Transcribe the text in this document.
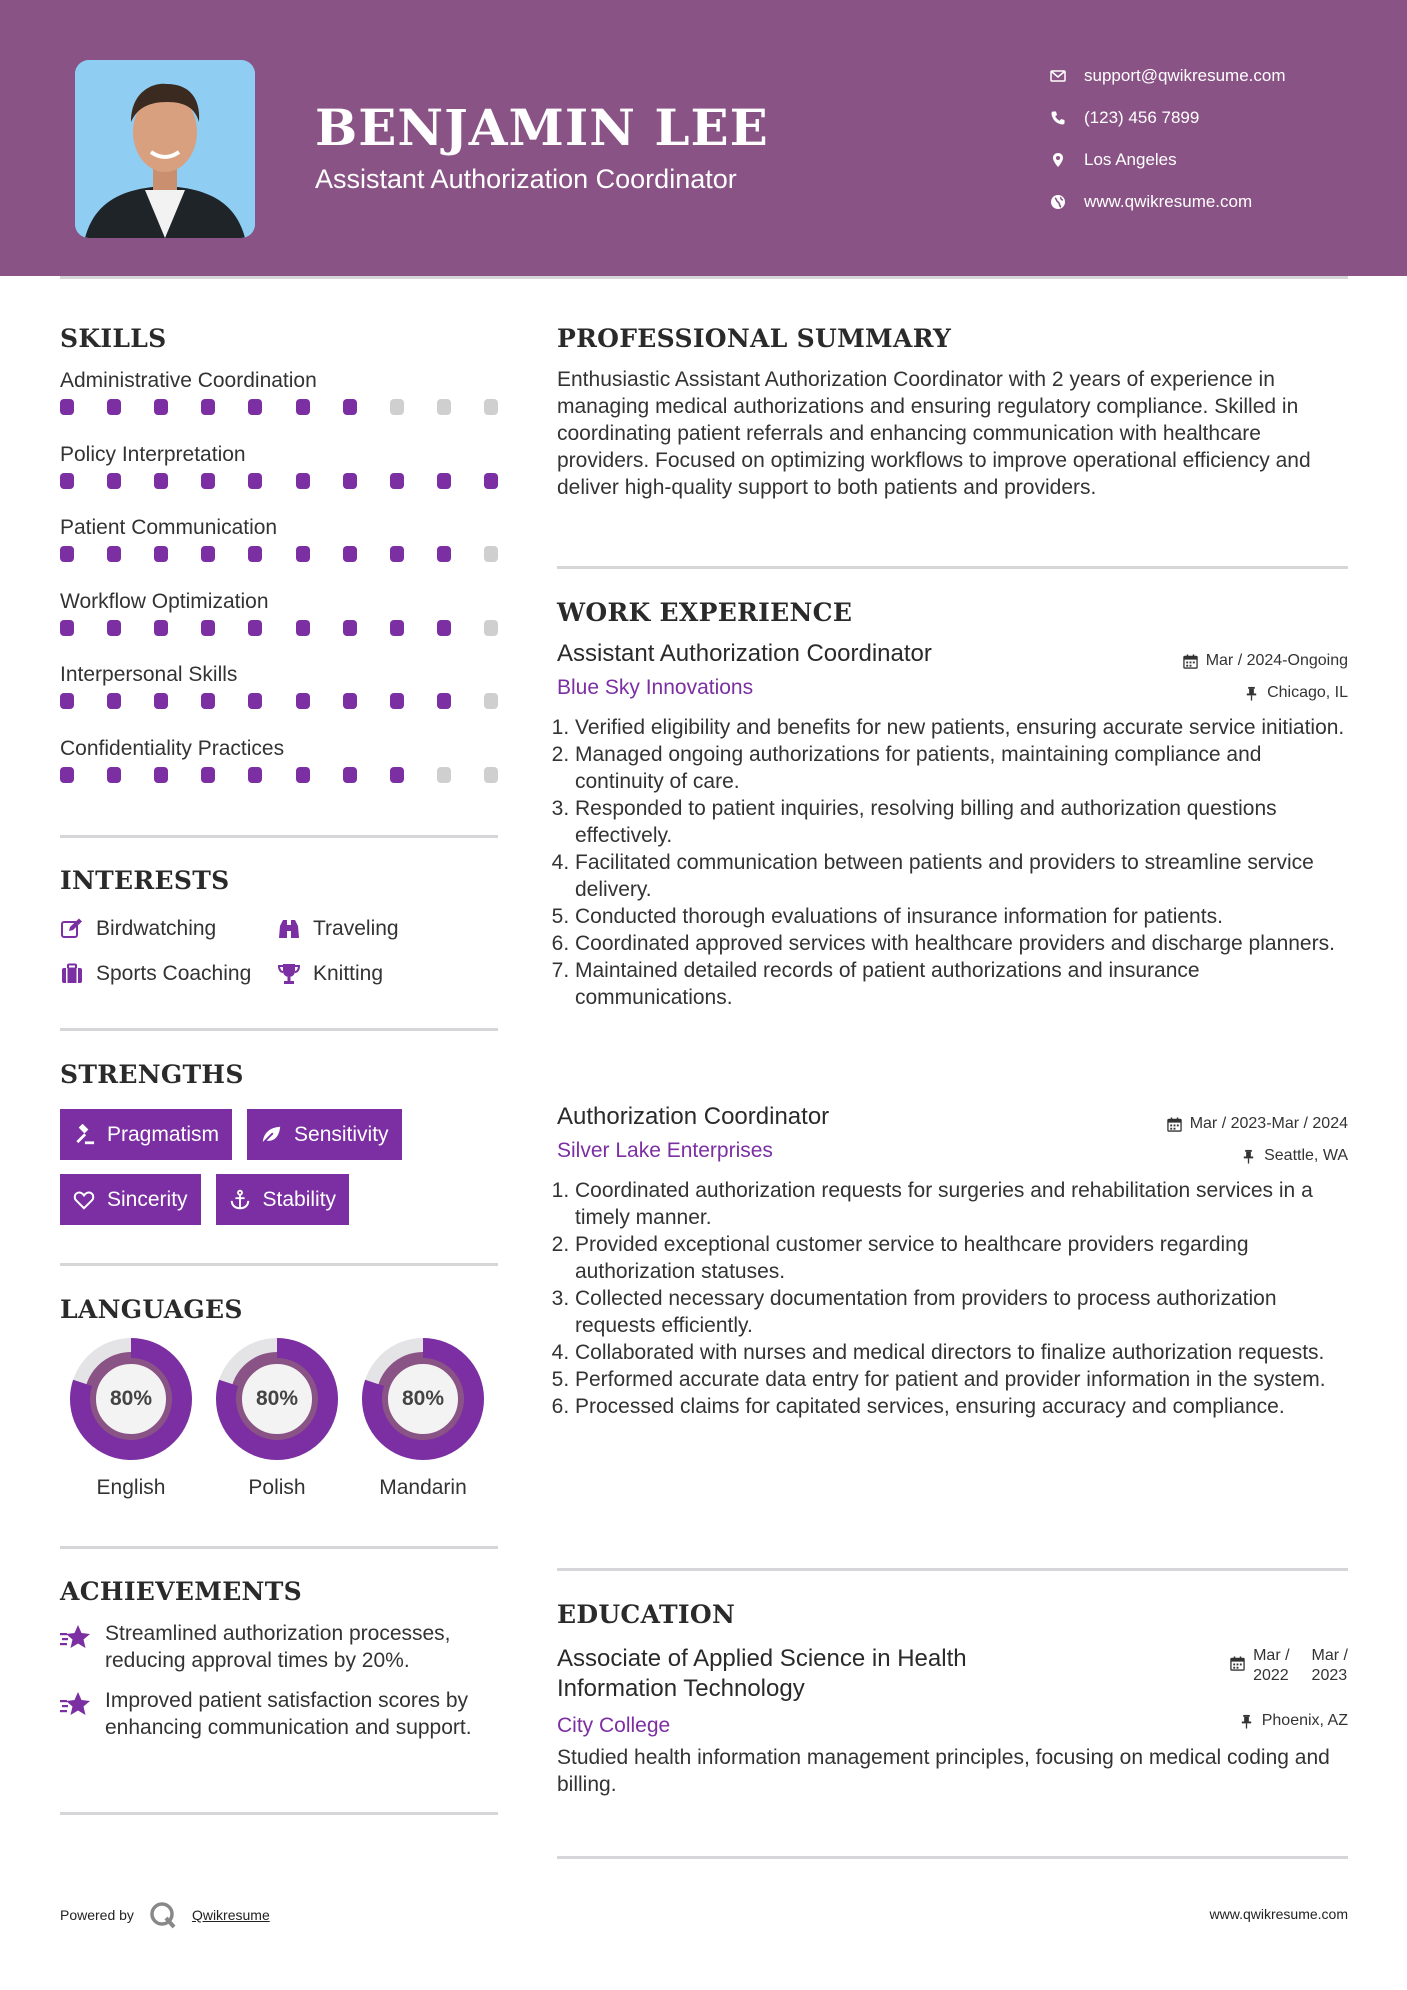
BENJAMIN LEE
Assistant Authorization Coordinator
support@qwikresume.com
(123) 456 7899
Los Angeles
www.qwikresume.com
SKILLS
Administrative Coordination
Policy Interpretation
Patient Communication
Workflow Optimization
Interpersonal Skills
Confidentiality Practices
INTERESTS
Birdwatching	Traveling
Sports Coaching	Knitting
STRENGTHS
Pragmatism	Sensitivity
Sincerity	Stability
LANGUAGES
80%
English
80%
Polish
80%
Mandarin
ACHIEVEMENTS
Streamlined authorization processes, reducing approval times by 20%.
Improved patient satisfaction scores by enhancing communication and support.
Powered by	Qwikresume	www.qwikresume.com
PROFESSIONAL SUMMARY
Enthusiastic Assistant Authorization Coordinator with 2 years of experience in managing medical authorizations and ensuring regulatory compliance. Skilled in coordinating patient referrals and enhancing communication with healthcare providers. Focused on optimizing workflows to improve operational efficiency and deliver high-quality support to both patients and providers.
WORK EXPERIENCE
Assistant Authorization Coordinator	Mar / 2024-Ongoing
Blue Sky Innovations	Chicago, IL
1. Verified eligibility and benefits for new patients, ensuring accurate service initiation.
2. Managed ongoing authorizations for patients, maintaining compliance and continuity of care.
3. Responded to patient inquiries, resolving billing and authorization questions effectively.
4. Facilitated communication between patients and providers to streamline service delivery.
5. Conducted thorough evaluations of insurance information for patients.
6. Coordinated approved services with healthcare providers and discharge planners.
7. Maintained detailed records of patient authorizations and insurance communications.
Authorization Coordinator	Mar / 2023-Mar / 2024
Silver Lake Enterprises	Seattle, WA
1. Coordinated authorization requests for surgeries and rehabilitation services in a timely manner.
2. Provided exceptional customer service to healthcare providers regarding authorization statuses.
3. Collected necessary documentation from providers to process authorization requests efficiently.
4. Collaborated with nurses and medical directors to finalize authorization requests.
5. Performed accurate data entry for patient and provider information in the system.
6. Processed claims for capitated services, ensuring accuracy and compliance.
EDUCATION
Associate of Applied Science in Health
Information Technology
Mar /
2022
Mar /
2023
City College	Phoenix, AZ
Studied health information management principles, focusing on medical coding and billing.
